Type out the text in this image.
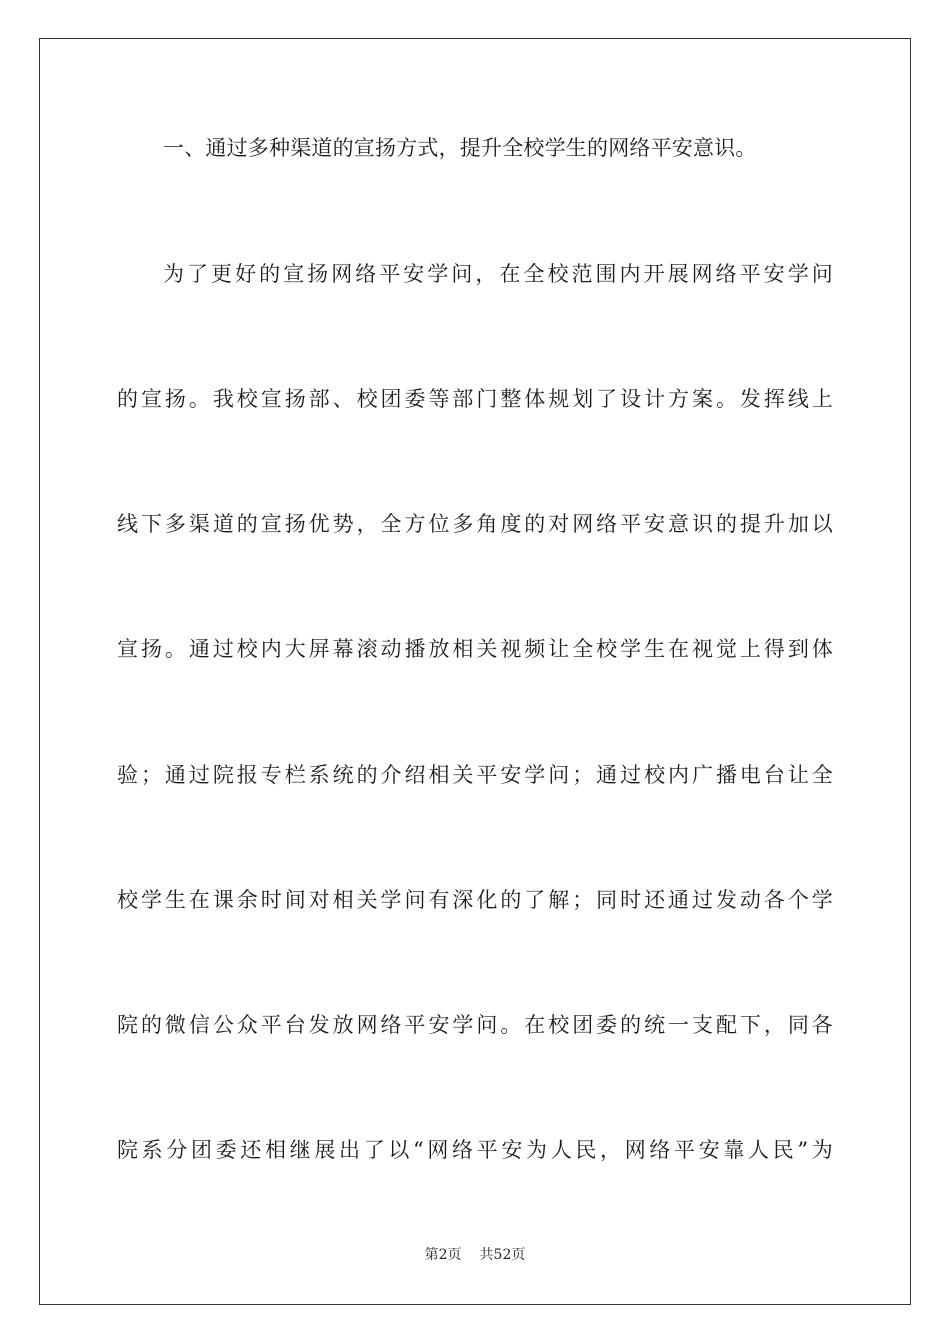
一、通过多种渠道的宣扬方式，提升全校学生的网络平安意识。
为了更好的宣扬网络平安学问，在全校范围内开展网络平安学问
的宣扬。我校宣扬部、校团委等部门整体规划了设计方案。发挥线上
线下多渠道的宣扬优势，全方位多角度的对网络平安意识的提升加以
宣扬。通过校内大屏幕滚动播放相关视频让全校学生在视觉上得到体
验；通过院报专栏系统的介绍相关平安学问；通过校内广播电台让全
校学生在课余时间对相关学问有深化的了解；同时还通过发动各个学
院的微信公众平台发放网络平安学问。在校团委的统一支配下，同各
院系分团委还相继展出了以“网络平安为人民，网络平安靠人民”为
第2页 共52页
